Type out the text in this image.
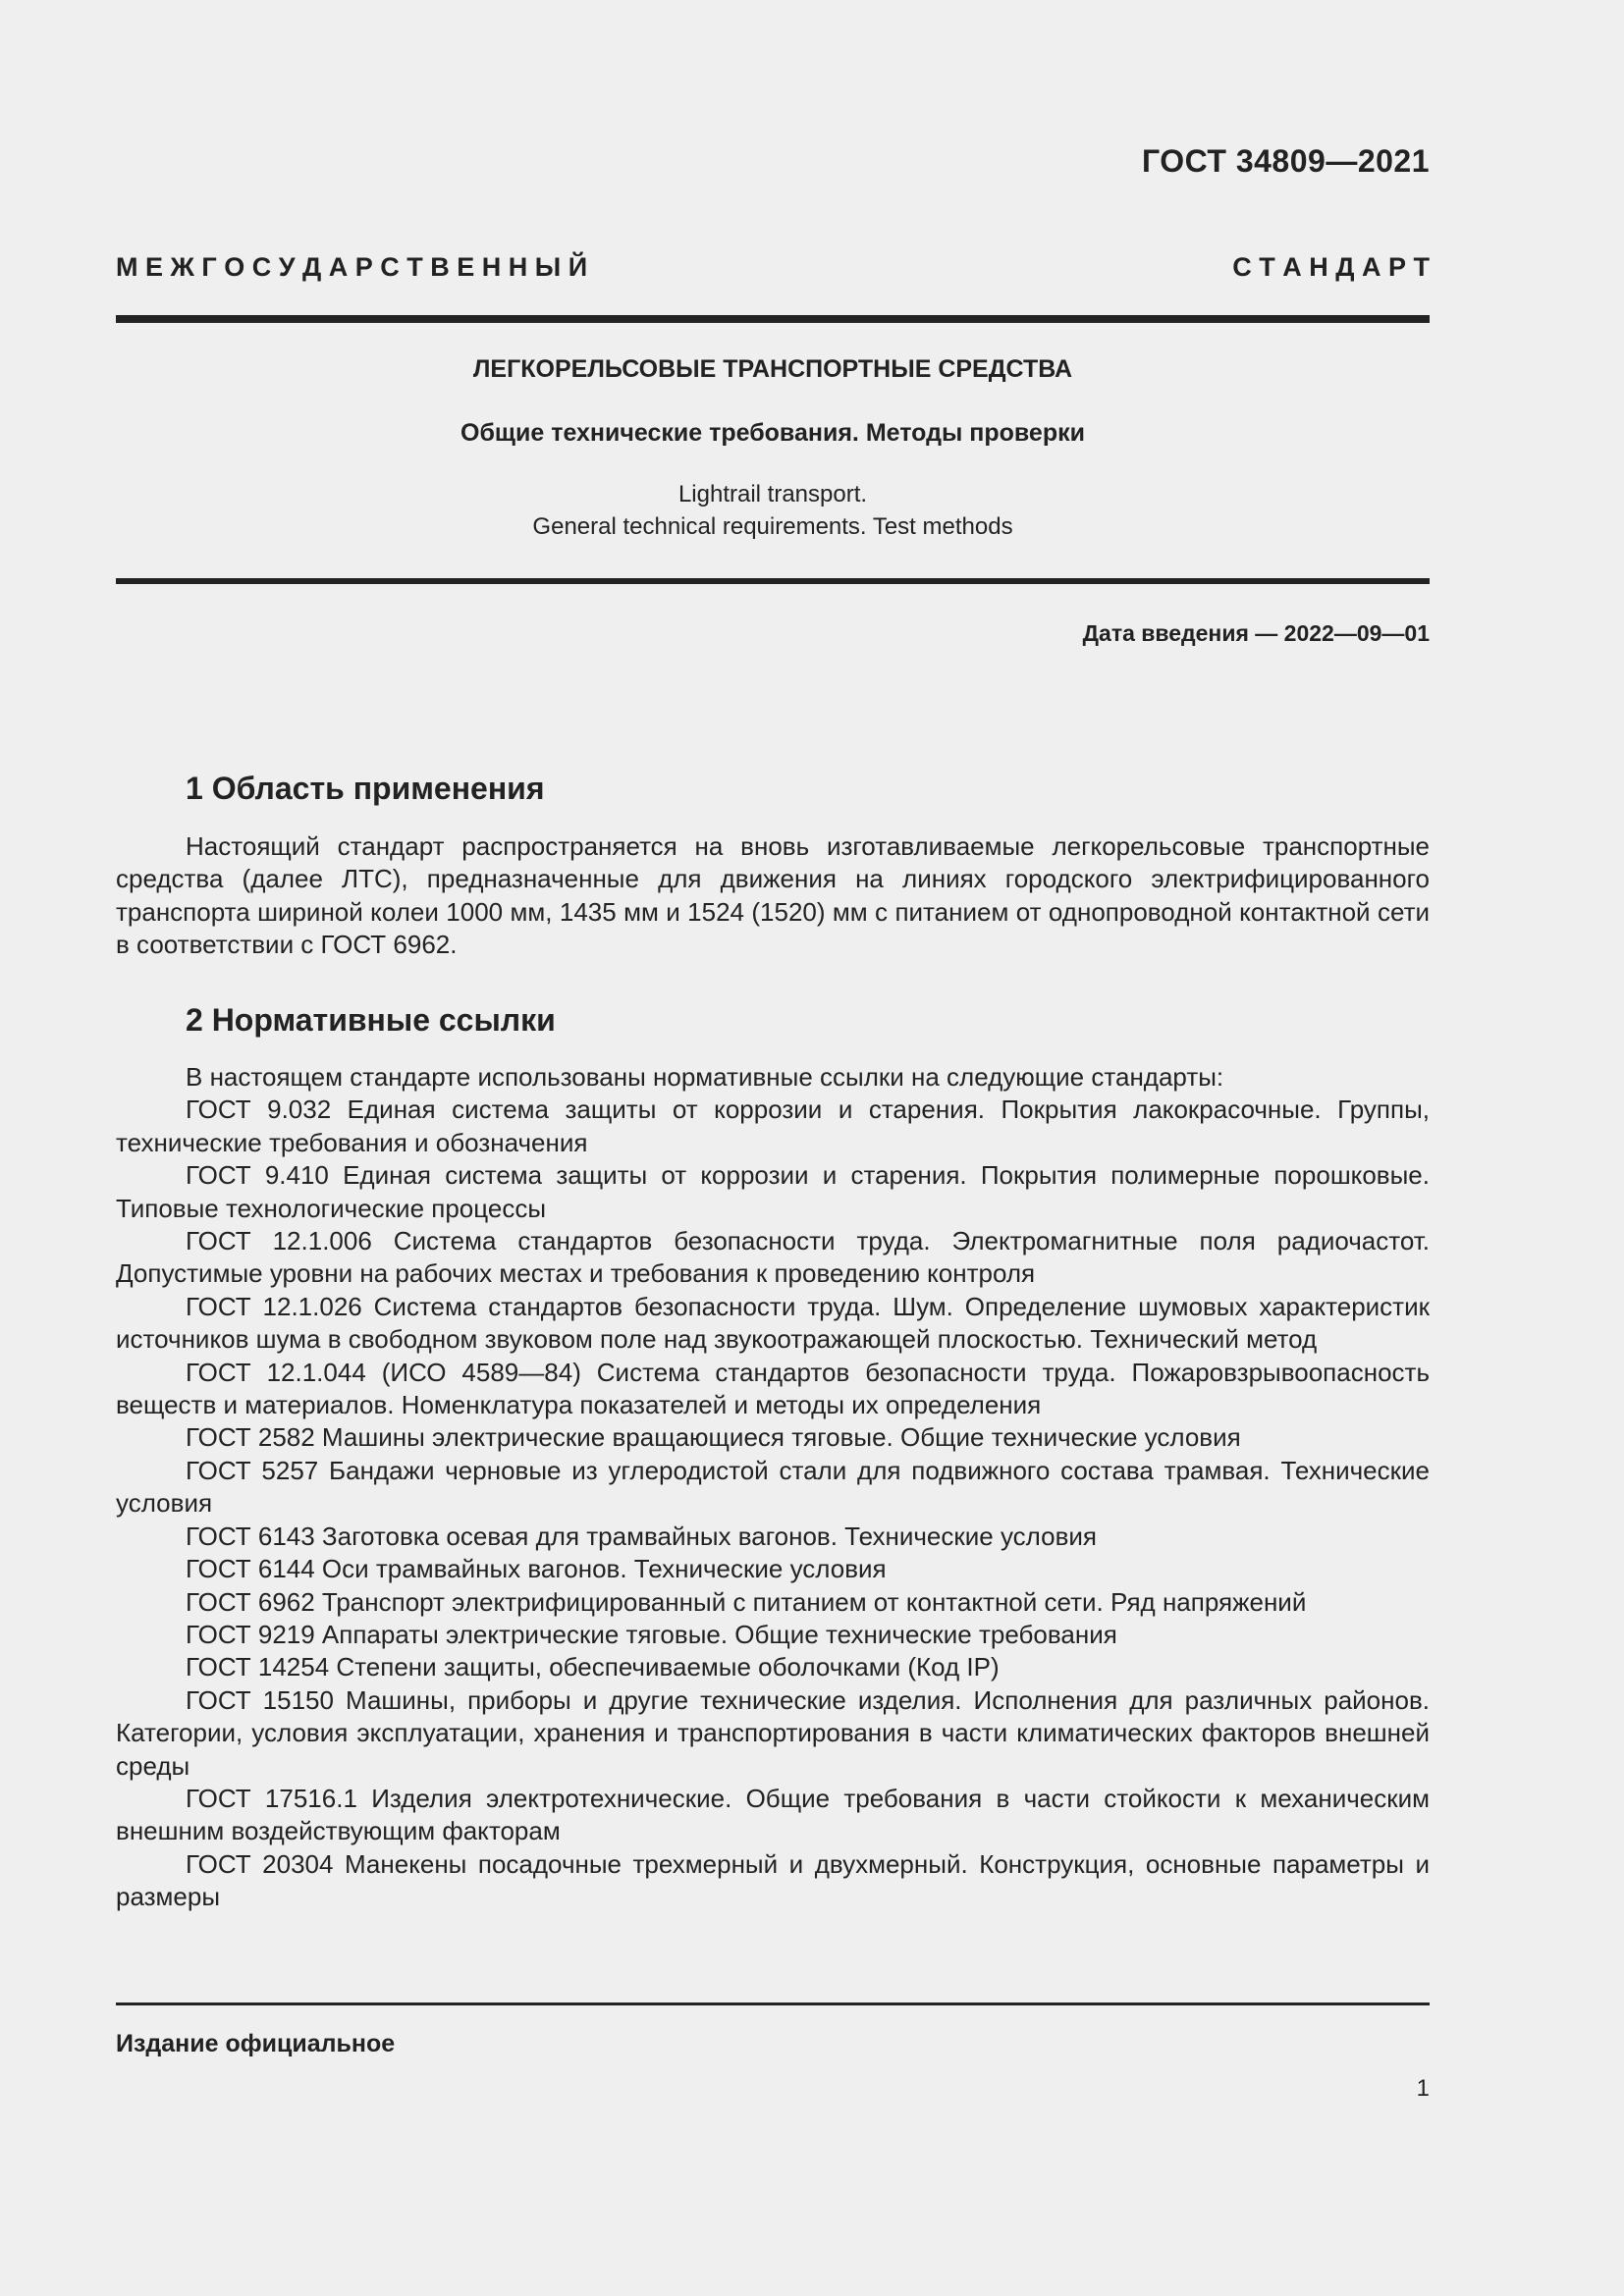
ГОСТ 34809—2021
М Е Ж Г О С У Д А Р С Т В Е Н Н Ы Й	С Т А Н Д А Р Т
ЛЕГКОРЕЛЬСОВЫЕ ТРАНСПОРТНЫЕ СРЕДСТВА
Общие технические требования. Методы проверки
Lightrail transport.
General technical requirements. Test methods
Дата введения — 2022—09—01
1 Область применения

Настоящий стандарт распространяется на вновь изготавливаемые легкорельсовые транспортные средства (далее ЛТС), предназначенные для движения на линиях городского электрифицированного транспорта шириной колеи 1000 мм, 1435 мм и 1524 (1520) мм с питанием от однопроводной контактной сети в соответствии с ГОСТ 6962.

2 Нормативные ссылки

В настоящем стандарте использованы нормативные ссылки на следующие стандарты:

ГОСТ 9.032 Единая система защиты от коррозии и старения. Покрытия лакокрасочные. Группы, технические требования и обозначения

ГОСТ 9.410 Единая система защиты от коррозии и старения. Покрытия полимерные порошковые. Типовые технологические процессы

ГОСТ 12.1.006 Система стандартов безопасности труда. Электромагнитные поля радиочастот. Допустимые уровни на рабочих местах и требования к проведению контроля

ГОСТ 12.1.026 Система стандартов безопасности труда. Шум. Определение шумовых характеристик источников шума в свободном звуковом поле над звукоотражающей плоскостью. Технический метод

ГОСТ 12.1.044 (ИСО 4589—84) Система стандартов безопасности труда. Пожаровзрывоопасность веществ и материалов. Номенклатура показателей и методы их определения

ГОСТ 2582 Машины электрические вращающиеся тяговые. Общие технические условия

ГОСТ 5257 Бандажи черновые из углеродистой стали для подвижного состава трамвая. Технические условия

ГОСТ 6143 Заготовка осевая для трамвайных вагонов. Технические условия

ГОСТ 6144 Оси трамвайных вагонов. Технические условия

ГОСТ 6962 Транспорт электрифицированный с питанием от контактной сети. Ряд напряжений

ГОСТ 9219 Аппараты электрические тяговые. Общие технические требования

ГОСТ 14254 Степени защиты, обеспечиваемые оболочками (Код IP)

ГОСТ 15150 Машины, приборы и другие технические изделия. Исполнения для различных районов. Категории, условия эксплуатации, хранения и транспортирования в части климатических факторов внешней среды

ГОСТ 17516.1 Изделия электротехнические. Общие требования в части стойкости к механическим внешним воздействующим факторам

ГОСТ 20304 Манекены посадочные трехмерный и двухмерный. Конструкция, основные параметры и размеры

Издание официальное
1
